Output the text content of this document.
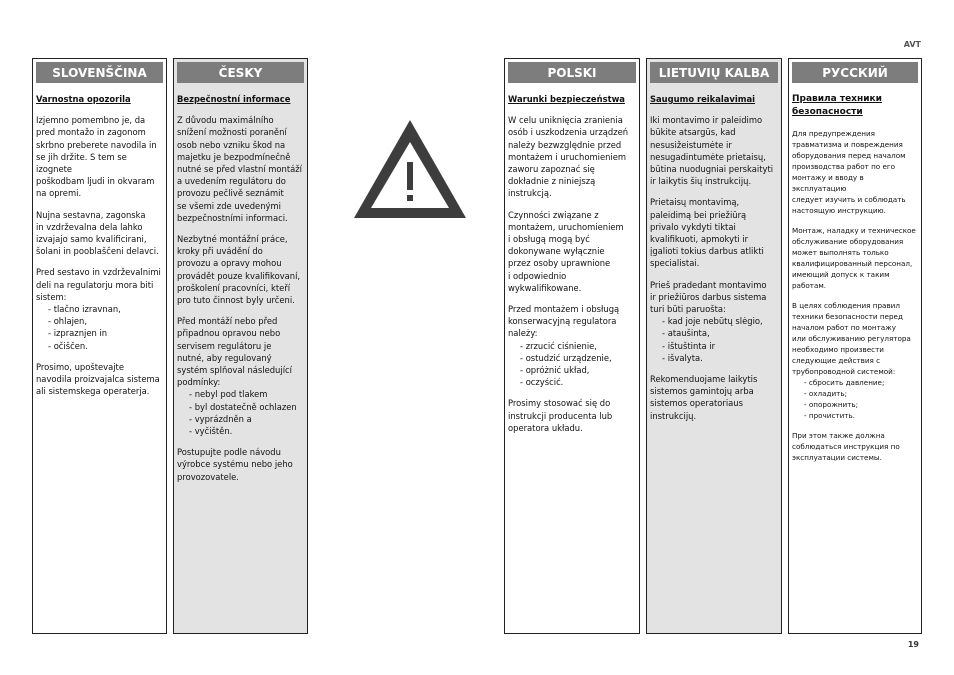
AVT
SLOVENŠČINA
Varnostna opozorila
Izjemno pomembno je, da
pred montažo in zagonom
skrbno preberete navodila in
se jih držite. S tem se izognete
poškodbam ljudi in okvaram
na opremi.
Nujna sestavna, zagonska
in vzdrževalna dela lahko
izvajajo samo kvalificirani,
šolani in pooblaščeni delavci.
Pred sestavo in vzdrževalnimi
deli na regulatorju mora biti
sistem:
- tlačno izravnan,
- ohlajen,
- izpraznjen in
- očiščen.
Prosimo, upoštevajte
navodila proizvajalca sistema
ali sistemskega operaterja.
ČESKY
Bezpečnostní informace
Z důvodu maximálního
snížení možnosti poranění
osob nebo vzniku škod na
majetku je bezpodmínečně
nutné se před vlastní montáží
a uvedením regulátoru do
provozu pečlivě seznámit
se všemi zde uvedenými
bezpečnostními informaci.
Nezbytné montážní práce,
kroky při uvádění do
provozu a opravy mohou
provádět pouze kvalifikovaní,
proškolení pracovníci, kteří
pro tuto činnost byly určeni.
Před montáží nebo před
připadnou opravou nebo
servisem regulátoru je
nutné, aby regulovaný
systém splňoval následující
podmínky:
- nebyl pod tlakem
- byl dostatečně ochlazen
- vyprázdněn a
- vyčištěn.
Postupujte podle návodu
výrobce systému nebo jeho
provozovatele.
POLSKI
Warunki bezpieczeństwa
W celu uniknięcia zranienia
osób i uszkodzenia urządzeń
należy bezwzględnie przed
montażem i uruchomieniem
zaworu zapoznać się
dokładnie z niniejszą
instrukcją.
Czynności związane z
montażem, uruchomieniem
i obsługą mogą być
dokonywane wyłącznie
przez osoby uprawnione
i odpowiednio
wykwalifikowane.
Przed montażem i obsługą
konserwacyjną regulatora
należy:
- zrzucić ciśnienie,
- ostudzić urządzenie,
- opróżnić układ,
- oczyścić.
Prosimy stosować się do
instrukcji producenta lub
operatora układu.
LIETUVIŲ KALBA
Saugumo reikalavimai
Iki montavimo ir paleidimo
būkite atsargūs, kad
nesusižeistumėte ir
nesugadintumėte prietaisų,
būtina nuodugniai perskaityti
ir laikytis šių instrukcijų.
Prietaisų montavimą,
paleidimą bei priežiūrą
privalo vykdyti tiktai
kvalifikuoti, apmokyti ir
įgalioti tokius darbus atlikti
specialistai.
Prieš pradedant montavimo
ir priežiūros darbus sistema
turi būti paruošta:
- kad joje nebūtų slėgio,
- ataušinta,
- ištuštinta ir
- išvalyta.
Rekomenduojame laikytis
sistemos gamintojų arba
sistemos operatoriaus
instrukcijų.
РУССКИЙ
Правила техники безопасности
Для предупреждения
травматизма и повреждения
оборудования перед началом
производства работ по его
монтажу и вводу в эксплуатацию
следует изучить и соблюдать
настоящую инструкцию.
Монтаж, наладку и техническое
обслуживание оборудования
может выполнять только
квалифицированный персонал,
имеющий допуск к таким
работам.
В целях соблюдения правил
техники безопасности перед
началом работ по монтажу
или обслуживанию регулятора
необходимо произвести
следующие действия с
трубопроводной системой:
- сбросить давление;
- охладить;
- опорожнить;
- прочистить.
При этом также должна
соблюдаться инструкция по
эксплуатации системы.
19
